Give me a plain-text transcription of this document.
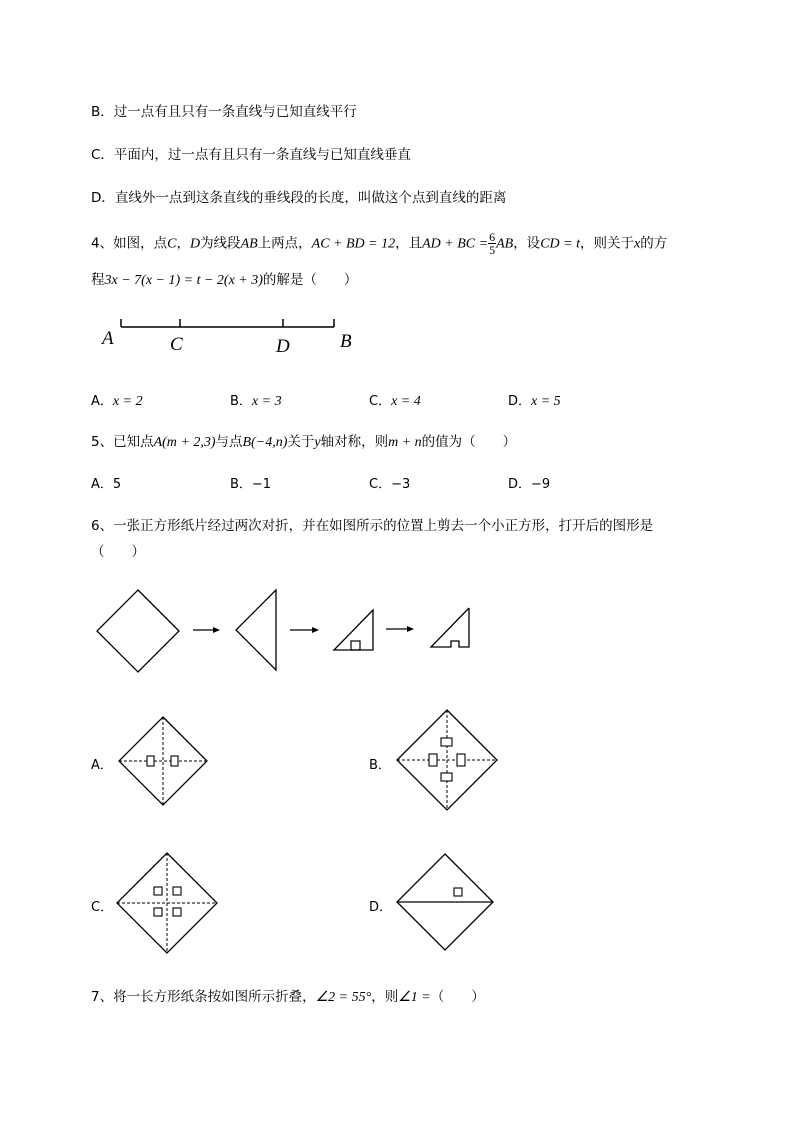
B．过一点有且只有一条直线与已知直线平行
C．平面内，过一点有且只有一条直线与已知直线垂直
D．直线外一点到这条直线的垂线段的长度，叫做这个点到直线的距离
4、如图，点C，D为线段AB上两点，AC + BD = 12，且AD + BC = $\frac{6}{5}$ AB，设CD = t，则关于x的方
程3x − 7(x − 1) = t − 2(x + 3)的解是（　　）
A	C	D	B
A．x = 2	B．x = 3	C．x = 4	D．x = 5
5、已知点A(m + 2,3)与点B(−4,n)关于y轴对称，则m + n的值为（　　）
A．5	B．−1	C．−3	D．−9
6、一张正方形纸片经过两次对折，并在如图所示的位置上剪去一个小正方形，打开后的图形是
（　　）
A．	B．
C．	D．
7、将一长方形纸条按如图所示折叠，∠2 = 55°，则∠1 =（　　）
